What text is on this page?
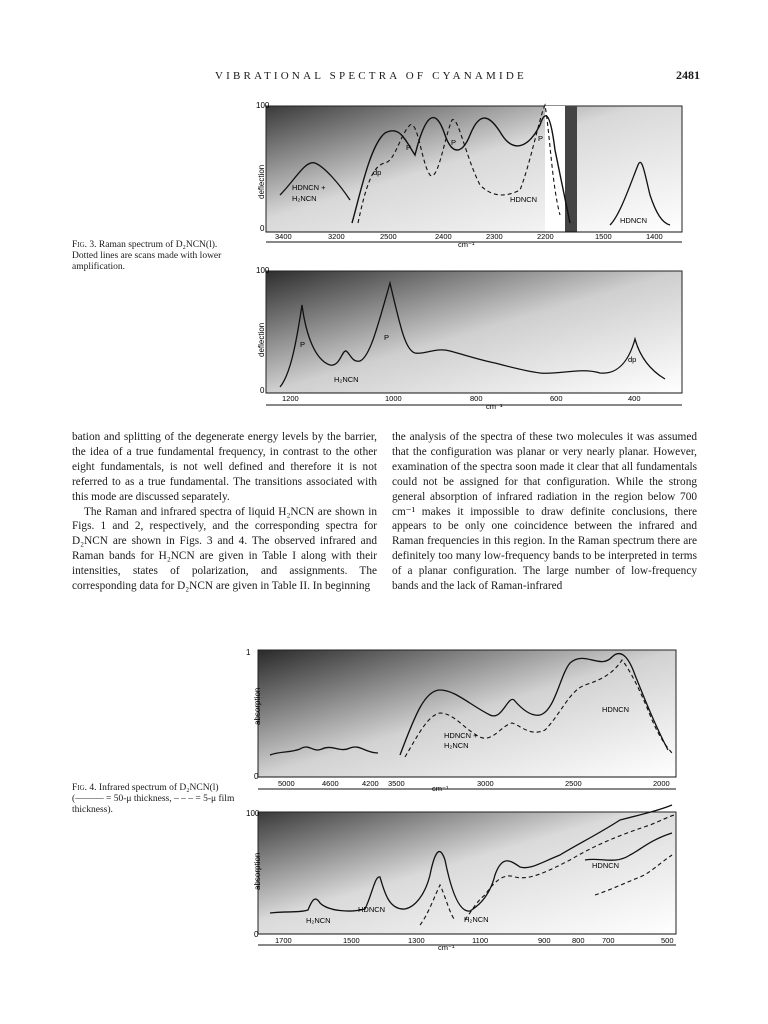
VIBRATIONAL SPECTRA OF CYANAMIDE	2481
100
0
deflection
3400	3200	2500	2400	2300	2200	1500	1400
cm⁻¹
HDNCN +
H₂NCN
dp
P
P	P
HDNCN
HDNCN
100
0
deflection
1200	1000	800	600	400
cm⁻¹
P
P
H₂NCN
dp
Fig. 3. Raman spectrum of D₂NCN(l). Dotted lines are scans made with lower amplification.

bation and splitting of the degenerate energy levels by the barrier, the idea of a true fundamental frequency, in contrast to the other eight fundamentals, is not well defined and therefore it is not referred to as a true fundamental. The transitions associated with this mode are discussed separately.

The Raman and infrared spectra of liquid H₂NCN are shown in Figs. 1 and 2, respectively, and the corresponding spectra for D₂NCN are shown in Figs. 3 and 4. The observed infrared and Raman bands for H₂NCN are given in Table I along with their intensities, states of polarization, and assignments. The corresponding data for D₂NCN are given in Table II. In beginning

the analysis of the spectra of these two molecules it was assumed that the configuration was planar or very nearly planar. However, examination of the spectra soon made it clear that all fundamentals could not be assigned for that configuration. While the strong general absorption of infrared radiation in the region below 700 cm⁻¹ makes it impossible to draw definite conclusions, there appears to be only one coincidence between the infrared and Raman frequencies in this region. In the Raman spectrum there are definitely too many low-frequency bands to be interpreted in terms of a planar configuration. The large number of low-frequency bands and the lack of Raman-infrared

1
0
absorption
5000	4600	4200 3500	3000	2500	2000
cm⁻¹
HDNCN +
H₂NCN
HDNCN
100
0
absorption
1700	1500	1300	1100	900	800 700	500
cm⁻¹
H₂NCN
HDNCN
H₂NCN
HDNCN
Fig. 4. Infrared spectrum of D₂NCN(l) (——— = 50-μ thickness, – – – = 5-μ film thickness).
